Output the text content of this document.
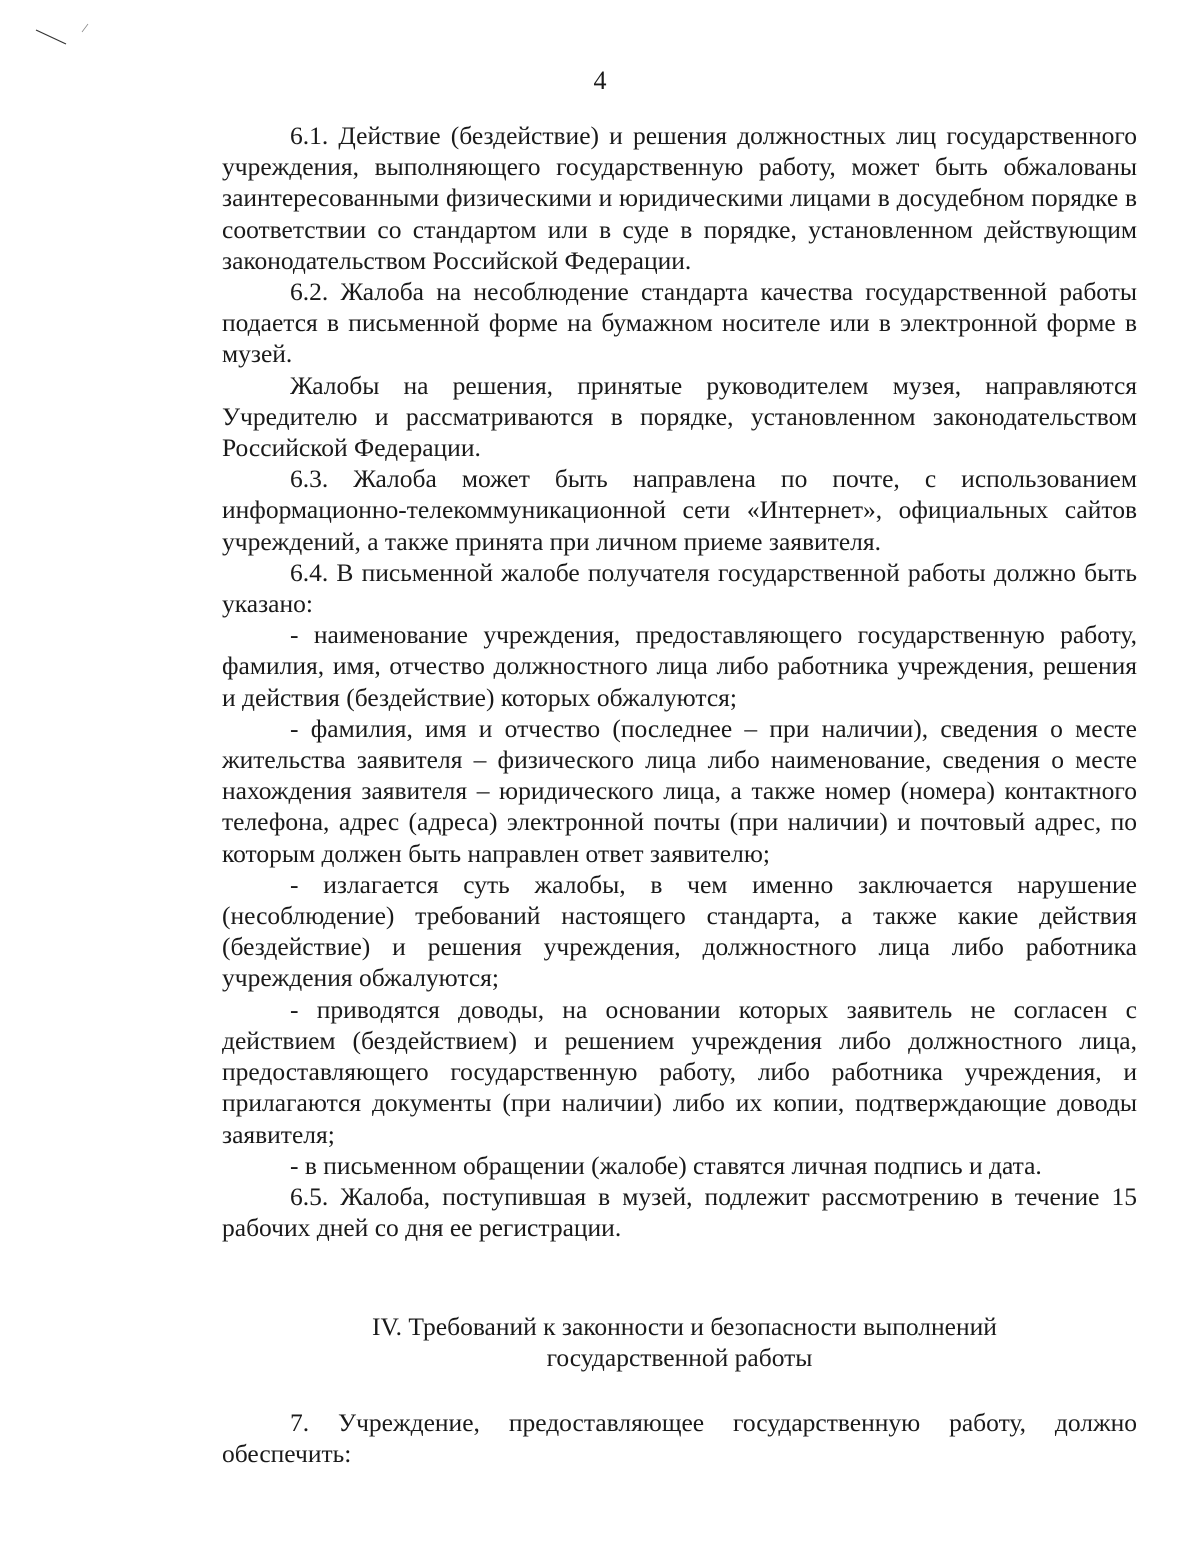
4

6.1. Действие (бездействие) и решения должностных лиц государственного учреждения, выполняющего государственную работу, может быть обжалованы заинтересованными физическими и юридическими лицами в досудебном порядке в соответствии со стандартом или в суде в порядке, установленном действующим законодательством Российской Федерации.

6.2. Жалоба на несоблюдение стандарта качества государственной работы подается в письменной форме на бумажном носителе или в электронной форме в музей.

Жалобы на решения, принятые руководителем музея, направляются Учредителю и рассматриваются в порядке, установленном законодательством Российской Федерации.

6.3. Жалоба может быть направлена по почте, с использованием информационно-телекоммуникационной сети «Интернет», официальных сайтов учреждений, а также принята при личном приеме заявителя.

6.4. В письменной жалобе получателя государственной работы должно быть указано:

- наименование учреждения, предоставляющего государственную работу, фамилия, имя, отчество должностного лица либо работника учреждения, решения и действия (бездействие) которых обжалуются;

- фамилия, имя и отчество (последнее – при наличии), сведения о месте жительства заявителя – физического лица либо наименование, сведения о месте нахождения заявителя – юридического лица, а также номер (номера) контактного телефона, адрес (адреса) электронной почты (при наличии) и почтовый адрес, по которым должен быть направлен ответ заявителю;

- излагается суть жалобы, в чем именно заключается нарушение (несоблюдение) требований настоящего стандарта, а также какие действия (бездействие) и решения учреждения, должностного лица либо работника учреждения обжалуются;

- приводятся доводы, на основании которых заявитель не согласен с действием (бездействием) и решением учреждения либо должностного лица, предоставляющего государственную работу, либо работника учреждения, и прилагаются документы (при наличии) либо их копии, подтверждающие доводы заявителя;

- в письменном обращении (жалобе) ставятся личная подпись и дата.

6.5. Жалоба, поступившая в музей, подлежит рассмотрению в течение 15 рабочих дней со дня ее регистрации.

IV. Требований к законности и безопасности выполнений
государственной работы

7. Учреждение, предоставляющее государственную работу, должно обеспечить:
